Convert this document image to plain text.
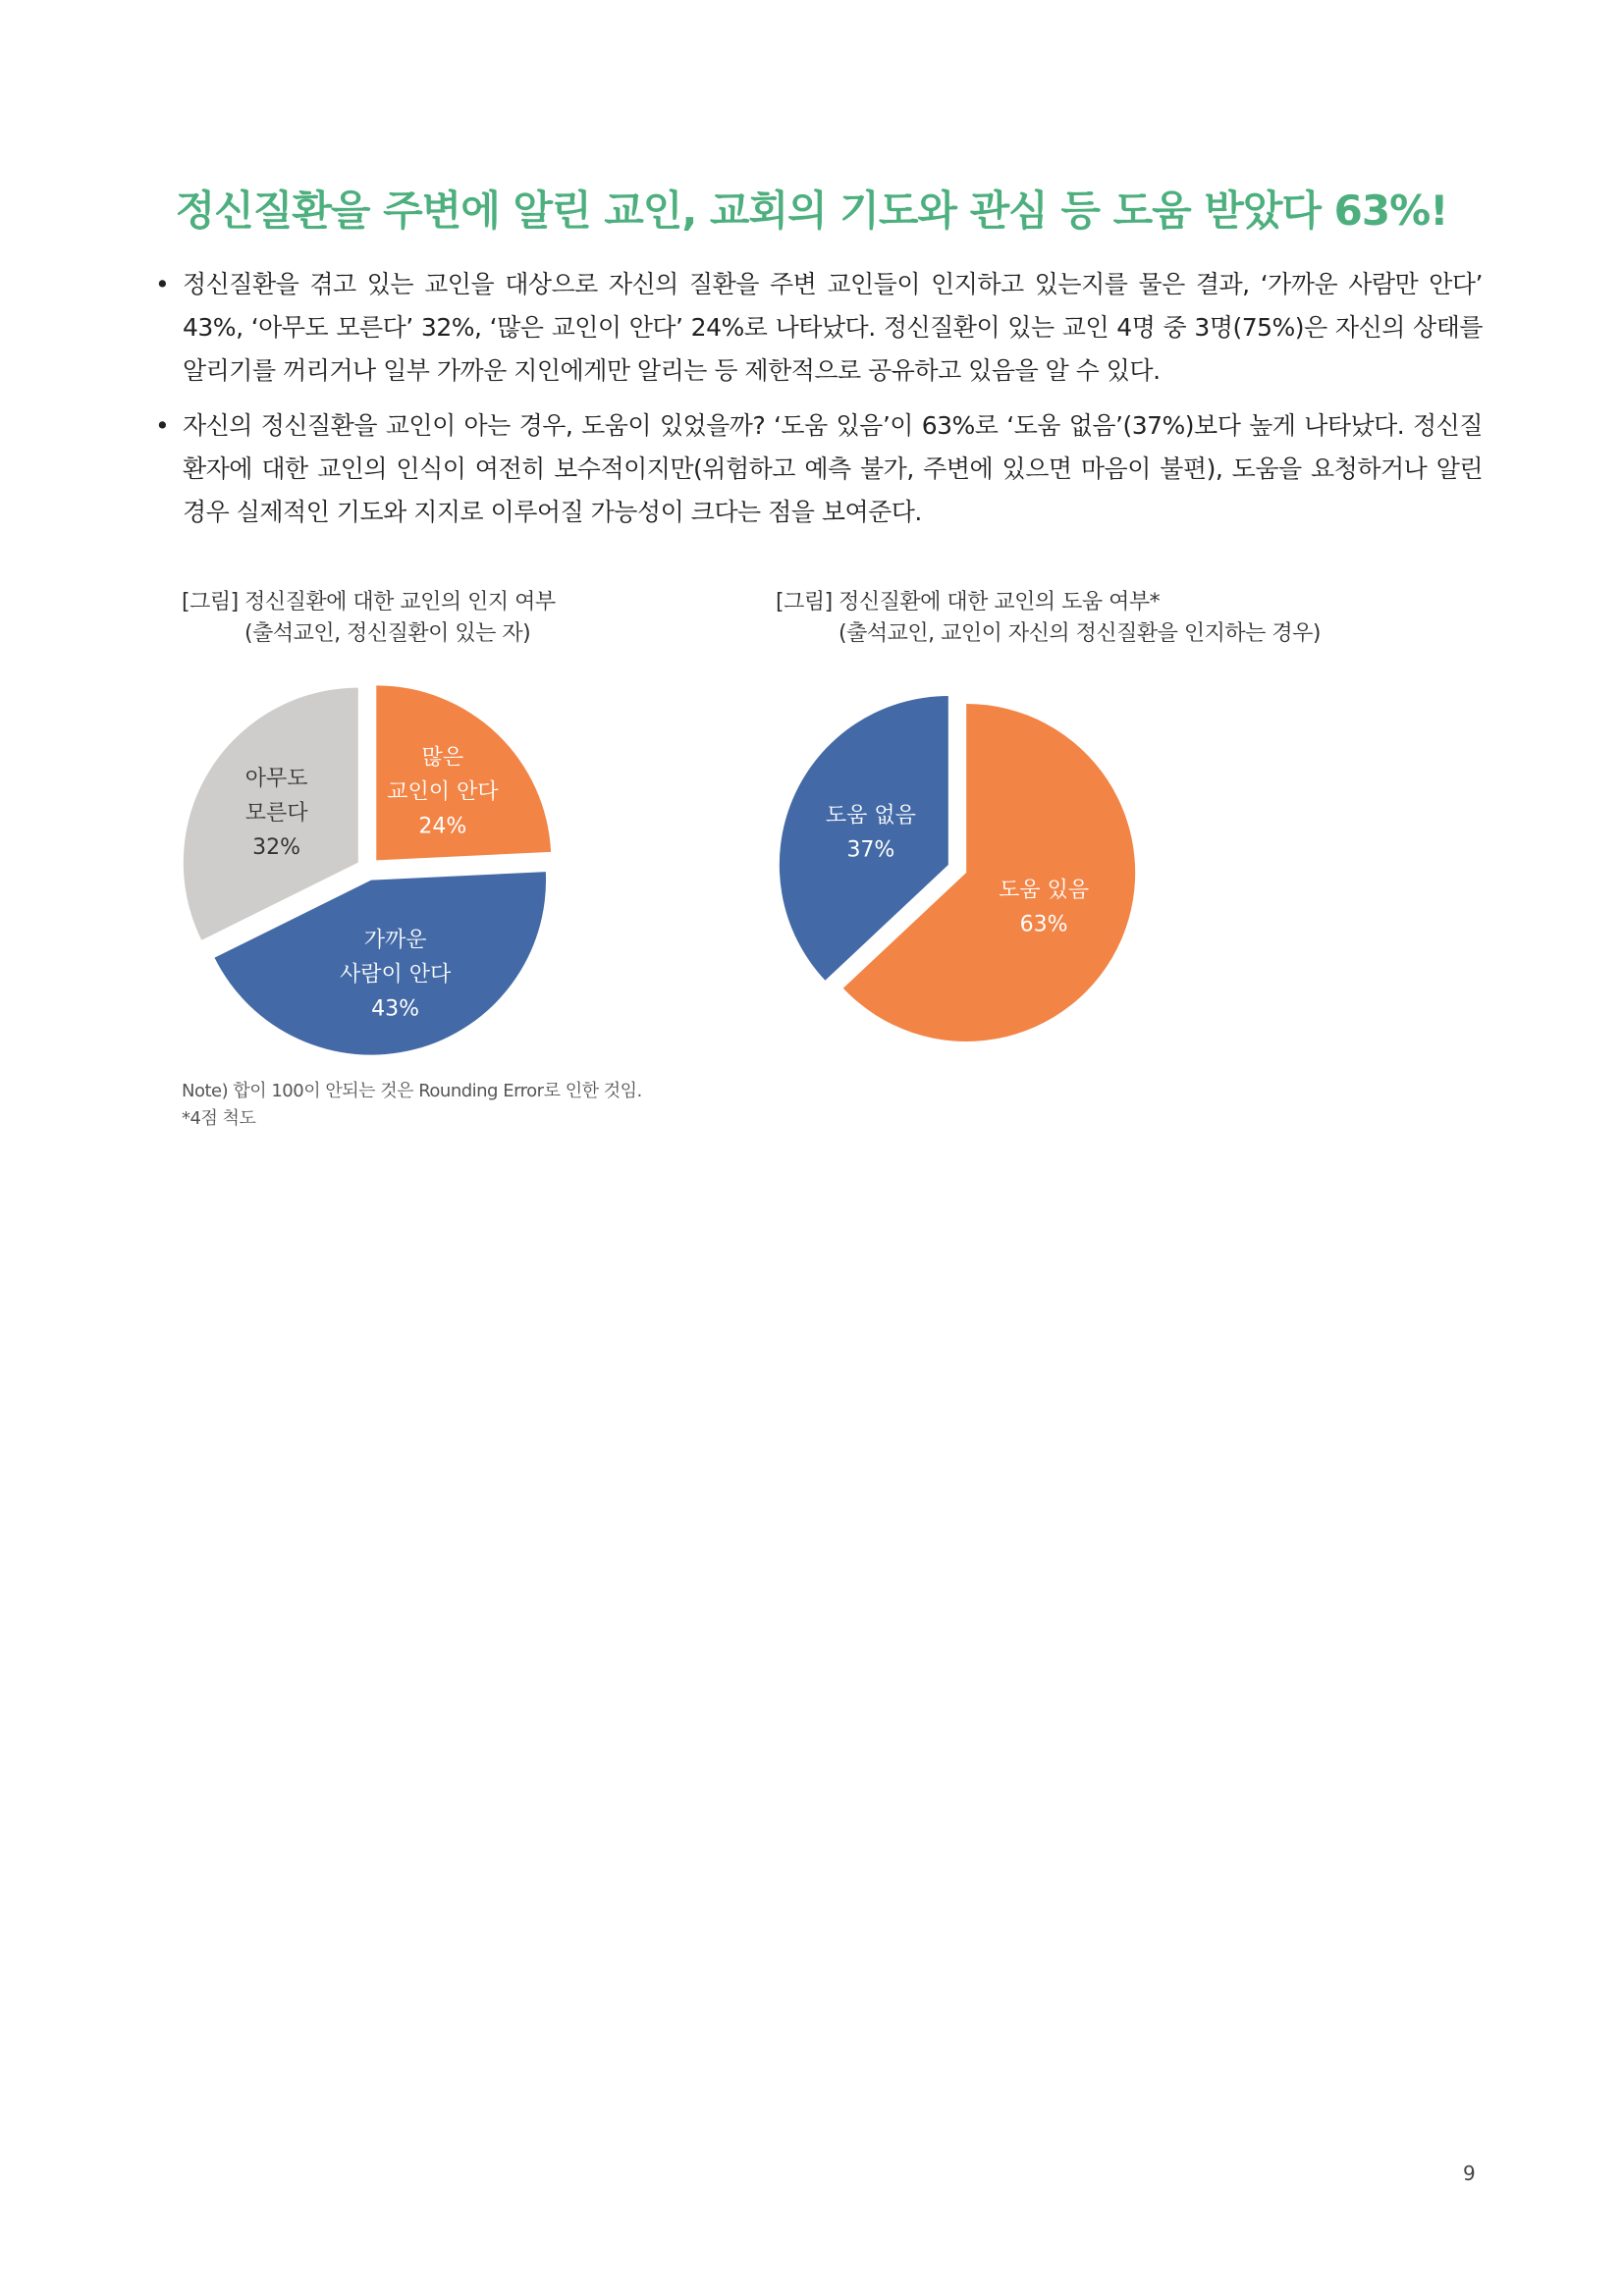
정신질환을 주변에 알린 교인, 교회의 기도와 관심 등 도움 받았다 63%!
• 정신질환을 겪고 있는 교인을 대상으로 자신의 질환을 주변 교인들이 인지하고 있는지를 물은 결과, ‘가까운 사람만 안다’ 43%, ‘아무도 모른다’ 32%, ‘많은 교인이 안다’ 24%로 나타났다. 정신질환이 있는 교인 4명 중 3명(75%)은 자신의 상태를 알리기를 꺼리거나 일부 가까운 지인에게만 알리는 등 제한적으로 공유하고 있음을 알 수 있다.
• 자신의 정신질환을 교인이 아는 경우, 도움이 있었을까? ‘도움 있음’이 63%로 ‘도움 없음’(37%)보다 높게 나타났다. 정신질환자에 대한 교인의 인식이 여전히 보수적이지만(위험하고 예측 불가, 주변에 있으면 마음이 불편), 도움을 요청하거나 알린 경우 실제적인 기도와 지지로 이루어질 가능성이 크다는 점을 보여준다.
[그림] 정신질환에 대한 교인의 인지 여부
(출석교인, 정신질환이 있는 자)
[그림] 정신질환에 대한 교인의 도움 여부*
(출석교인, 교인이 자신의 정신질환을 인지하는 경우)
많은 교인이 안다 24%
가까운 사람이 안다 43%
아무도 모른다 32%
도움 있음 63%
도움 없음 37%
Note) 합이 100이 안되는 것은 Rounding Error로 인한 것임.
*4점 척도
9
